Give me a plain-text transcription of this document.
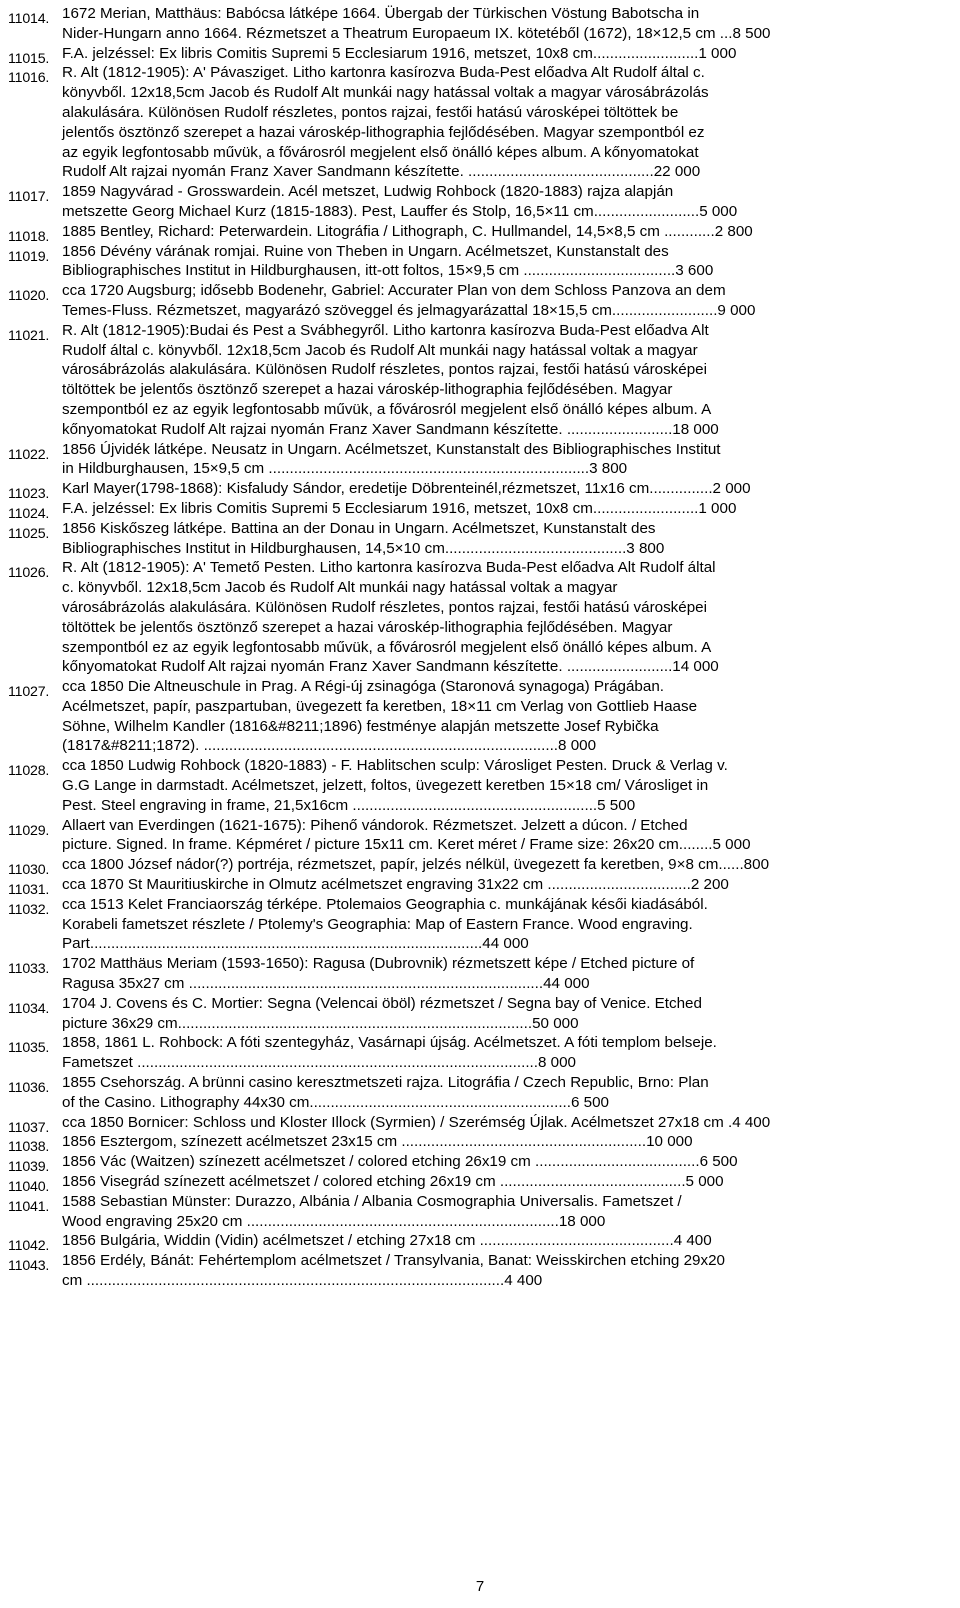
11014. 1672 Merian, Matthäus: Babócsa látképe 1664. Übergab der Türkischen Vöstung Babotscha in
Nider-Hungarn anno 1664. Rézmetszet a Theatrum Europaeum IX. kötetéből (1672), 18×12,5 cm ...8 500
11015. F.A. jelzéssel: Ex libris Comitis Supremi 5 Ecclesiarum 1916, metszet, 10x8 cm.........................1 000
11016. R. Alt (1812-1905): A' Pávasziget. Litho kartonra kasírozva Buda-Pest előadva Alt Rudolf által c.
könyvből. 12x18,5cm Jacob és Rudolf Alt munkái nagy hatással voltak a magyar városábrázolás
alakulására. Különösen Rudolf részletes, pontos rajzai, festői hatású városképei töltöttek be
jelentős ösztönző szerepet a hazai városkép-lithographia fejlődésében. Magyar szempontból ez
az egyik legfontosabb művük, a fővárosról megjelent első önálló képes album. A kőnyomatokat
Rudolf Alt rajzai nyomán Franz Xaver Sandmann készítette. ............................................22 000
11017. 1859 Nagyvárad - Grosswardein. Acél metszet, Ludwig Rohbock (1820-1883) rajza alapján
metszette Georg Michael Kurz (1815-1883). Pest, Lauffer és Stolp, 16,5×11 cm.........................5 000
11018. 1885 Bentley, Richard: Peterwardein. Litográfia / Lithograph, C. Hullmandel, 14,5×8,5 cm ............2 800
11019. 1856 Dévény várának romjai. Ruine von Theben in Ungarn. Acélmetszet, Kunstanstalt des
Bibliographisches Institut in Hildburghausen, itt-ott foltos, 15×9,5 cm ....................................3 600
11020. cca 1720 Augsburg; idősebb Bodenehr, Gabriel: Accurater Plan von dem Schloss Panzova an dem
Temes-Fluss. Rézmetszet, magyarázó szöveggel és jelmagyarázattal 18×15,5 cm.........................9 000
11021. R. Alt (1812-1905):Budai és Pest a Svábhegyről. Litho kartonra kasírozva Buda-Pest előadva Alt
Rudolf által c. könyvből. 12x18,5cm Jacob és Rudolf Alt munkái nagy hatással voltak a magyar
városábrázolás alakulására. Különösen Rudolf részletes, pontos rajzai, festői hatású városképei
töltöttek be jelentős ösztönző szerepet a hazai városkép-lithographia fejlődésében. Magyar
szempontból ez az egyik legfontosabb művük, a fővárosról megjelent első önálló képes album. A
kőnyomatokat Rudolf Alt rajzai nyomán Franz Xaver Sandmann készítette. .........................18 000
11022. 1856 Újvidék látképe. Neusatz in Ungarn. Acélmetszet, Kunstanstalt des Bibliographisches Institut
in Hildburghausen, 15×9,5 cm ............................................................................3 800
11023. Karl Mayer(1798-1868): Kisfaludy Sándor, eredetije Döbrenteinél,rézmetszet, 11x16 cm...............2 000
11024. F.A. jelzéssel: Ex libris Comitis Supremi 5 Ecclesiarum 1916, metszet, 10x8 cm.........................1 000
11025. 1856 Kiskőszeg látképe. Battina an der Donau in Ungarn. Acélmetszet, Kunstanstalt des
Bibliographisches Institut in Hildburghausen, 14,5×10 cm...........................................3 800
11026. R. Alt (1812-1905): A' Temető Pesten. Litho kartonra kasírozva Buda-Pest előadva Alt Rudolf által
c. könyvből. 12x18,5cm Jacob és Rudolf Alt munkái nagy hatással voltak a magyar
városábrázolás alakulására. Különösen Rudolf részletes, pontos rajzai, festői hatású városképei
töltöttek be jelentős ösztönző szerepet a hazai városkép-lithographia fejlődésében. Magyar
szempontból ez az egyik legfontosabb művük, a fővárosról megjelent első önálló képes album. A
kőnyomatokat Rudolf Alt rajzai nyomán Franz Xaver Sandmann készítette. .........................14 000
11027. cca 1850 Die Altneuschule in Prag. A Régi-új zsinagóga (Staronová synagoga) Prágában.
Acélmetszet, papír, paszpartuban, üvegezett fa keretben, 18×11 cm Verlag von Gottlieb Haase
Söhne, Wilhelm Kandler (1816&#8211;1896) festménye alapján metszette Josef Rybička
(1817&#8211;1872). ....................................................................................8 000
11028. cca 1850 Ludwig Rohbock (1820-1883) - F. Hablitschen sculp: Városliget Pesten. Druck & Verlag v.
G.G Lange in darmstadt. Acélmetszet, jelzett, foltos, üvegezett keretben 15×18 cm/ Városliget in
Pest. Steel engraving in frame, 21,5x16cm ..........................................................5 500
11029. Allaert van Everdingen (1621-1675): Pihenő vándorok. Rézmetszet. Jelzett a dúcon. / Etched
picture. Signed. In frame. Képméret / picture 15x11 cm. Keret méret / Frame size: 26x20 cm........5 000
11030. cca 1800 József nádor(?) portréja, rézmetszet, papír, jelzés nélkül, üvegezett fa keretben, 9×8 cm......800
11031. cca 1870 St Mauritiuskirche in Olmutz acélmetszet engraving 31x22 cm ..................................2 200
11032. cca 1513 Kelet Franciaország térképe. Ptolemaios Geographia c. munkájának késői kiadásából.
Korabeli fametszet részlete / Ptolemy's Geographia: Map of Eastern France. Wood engraving.
Part.............................................................................................44 000
11033. 1702 Matthäus Meriam (1593-1650): Ragusa (Dubrovnik) rézmetszett képe / Etched picture of
Ragusa 35x27 cm ....................................................................................44 000
11034. 1704 J. Covens és C. Mortier: Segna (Velencai öböl) rézmetszet / Segna bay of Venice. Etched
picture 36x29 cm....................................................................................50 000
11035. 1858, 1861 L. Rohbock: A fóti szentegyház, Vasárnapi újság. Acélmetszet. A fóti templom belseje.
Fametszet ...............................................................................................8 000
11036. 1855 Csehország. A brünni casino keresztmetszeti rajza. Litográfia / Czech Republic, Brno: Plan
of the Casino. Lithography 44x30 cm..............................................................6 500
11037. cca 1850 Bornicer: Schloss und Kloster Illock (Syrmien) / Szerémség Újlak. Acélmetszet 27x18 cm .4 400
11038. 1856 Esztergom, színezett acélmetszet 23x15 cm ..........................................................10 000
11039. 1856 Vác (Waitzen) színezett acélmetszet / colored etching 26x19 cm .......................................6 500
11040. 1856 Visegrád színezett acélmetszet / colored etching 26x19 cm ............................................5 000
11041. 1588 Sebastian Münster: Durazzo, Albánia / Albania Cosmographia Universalis. Fametszet /
Wood engraving 25x20 cm ..........................................................................18 000
11042. 1856 Bulgária, Widdin (Vidin) acélmetszet / etching 27x18 cm ..............................................4 400
11043. 1856 Erdély, Bánát: Fehértemplom acélmetszet / Transylvania, Banat: Weisskirchen etching 29x20
cm ...................................................................................................4 400
7
